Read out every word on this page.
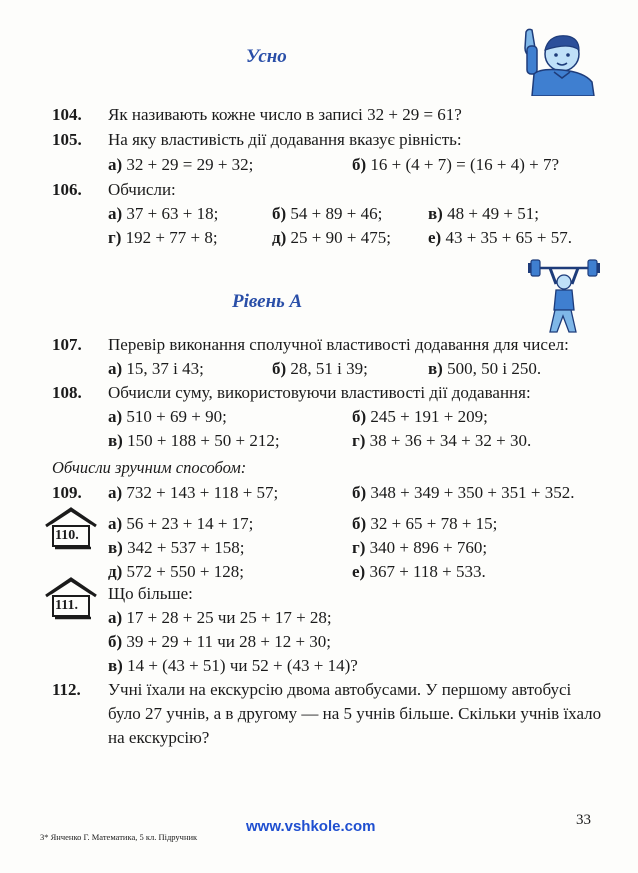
Усно
104. Як називають кожне число в записі 32 + 29 = 61?
105. На яку властивість дії додавання вказує рівність:
а) 32 + 29 = 29 + 32;	б) 16 + (4 + 7) = (16 + 4) + 7?
106. Обчисли:
а) 37 + 63 + 18;	б) 54 + 89 + 46;	в) 48 + 49 + 51;
г) 192 + 77 + 8;	д) 25 + 90 + 475; е) 43 + 35 + 65 + 57.
Рівень А
107. Перевір виконання сполучної властивості додавання для чисел:
а) 15, 37 і 43;	б) 28, 51 і 39;	в) 500, 50 і 250.
108. Обчисли суму, використовуючи властивості дії додавання:
а) 510 + 69 + 90;	б) 245 + 191 + 209;
в) 150 + 188 + 50 + 212;	г) 38 + 36 + 34 + 32 + 30.
Обчисли зручним способом:
109. а) 732 + 143 + 118 + 57;	б) 348 + 349 + 350 + 351 + 352.
110.
а) 56 + 23 + 14 + 17;	б) 32 + 65 + 78 + 15;
в) 342 + 537 + 158;	г) 340 + 896 + 760;
д) 572 + 550 + 128;	е) 367 + 118 + 533.
111.
Що більше:
а) 17 + 28 + 25 чи 25 + 17 + 28;
б) 39 + 29 + 11 чи 28 + 12 + 30;
в) 14 + (43 + 51) чи 52 + (43 + 14)?
112. Учні їхали на екскурсію двома автобусами. У першому автобусі
було 27 учнів, а в другому — на 5 учнів більше. Скільки учнів їхало
на екскурсію?
33
www.vshkole.com
3* Янченко Г. Математика, 5 кл. Підручник
